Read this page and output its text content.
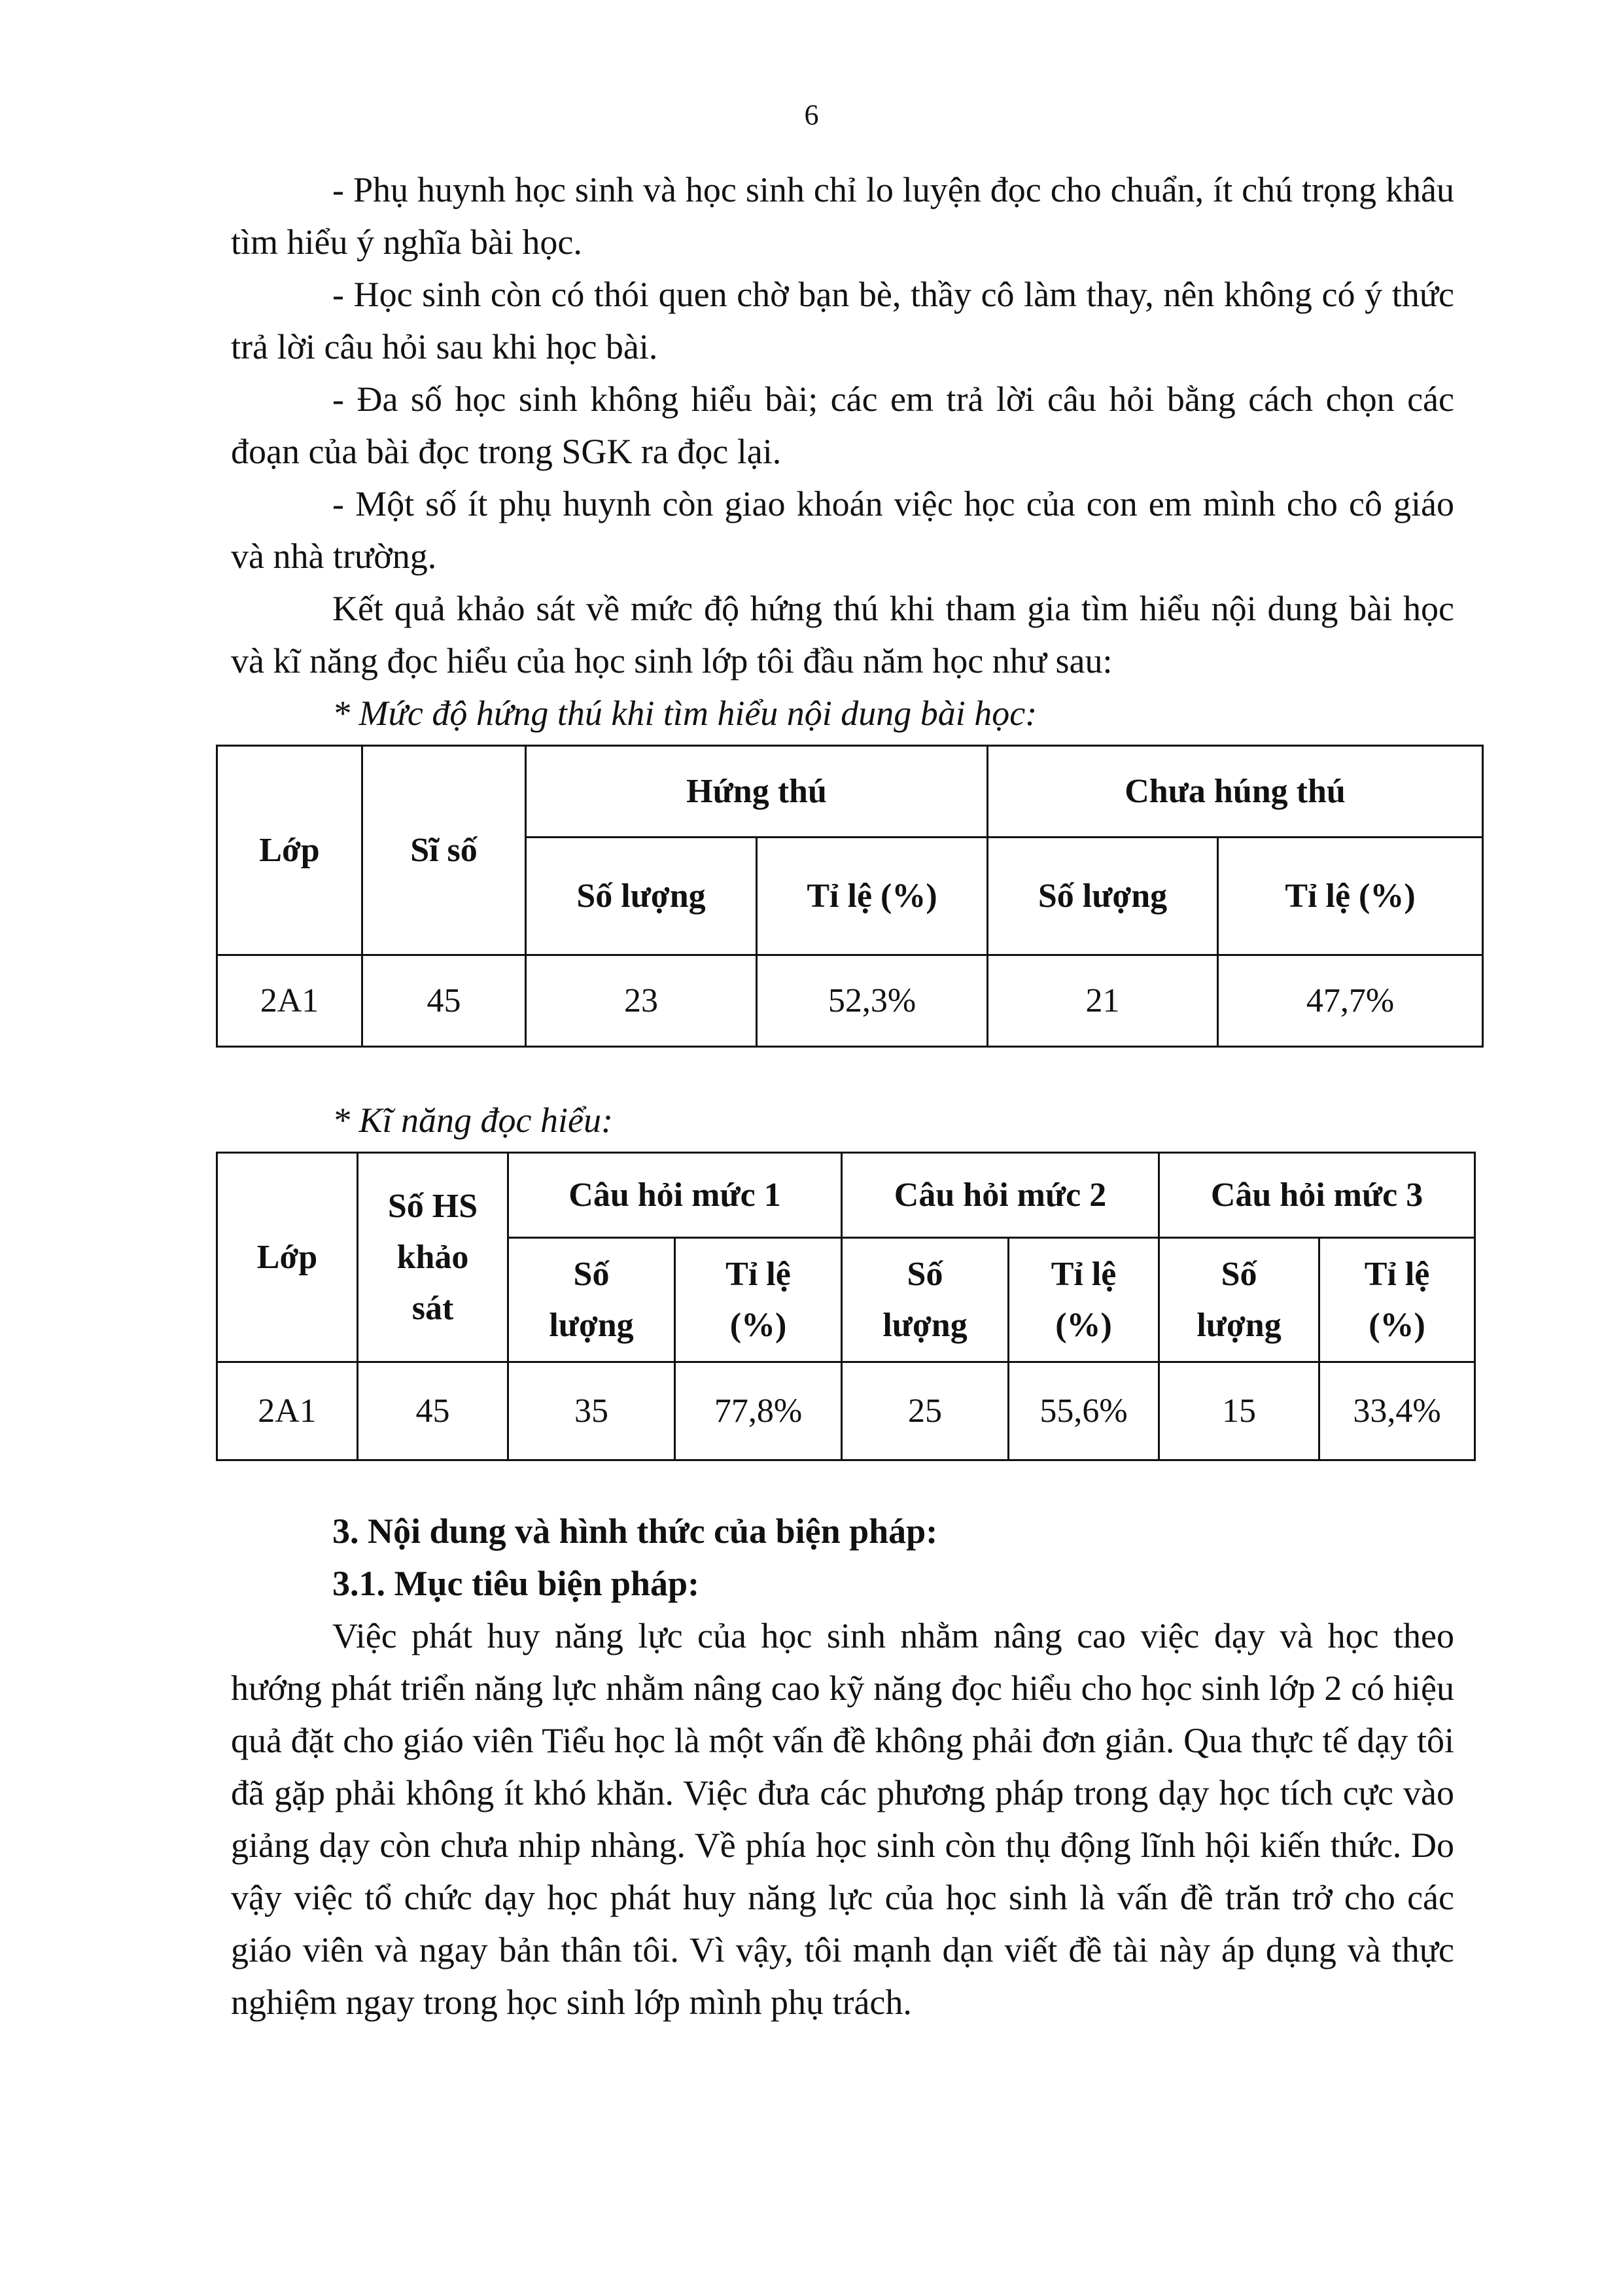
6

- Phụ huynh học sinh và học sinh chỉ lo luyện đọc cho chuẩn, ít chú trọng khâu tìm hiểu ý nghĩa bài học.

- Học sinh còn có thói quen chờ bạn bè, thầy cô làm thay, nên không có ý thức trả lời câu hỏi sau khi học bài.

- Đa số học sinh không hiểu bài; các em trả lời câu hỏi bằng cách chọn các đoạn của bài đọc trong SGK ra đọc lại.

- Một số ít phụ huynh còn giao khoán việc học của con em mình cho cô giáo và nhà trường.

Kết quả khảo sát về mức độ hứng thú khi tham gia tìm hiểu nội dung bài học và kĩ năng đọc hiểu của học sinh lớp tôi đầu năm học như sau:

* Mức độ hứng thú khi tìm hiểu nội dung bài học:

Lớp	Sĩ số	Hứng thú		Chưa húng thú	
		Số lượng	Tỉ lệ (%)	Số lượng	Tỉ lệ (%)
2A1	45	23	52,3%	21	47,7%

* Kĩ năng đọc hiểu:

Lớp	Số HS
khảo
sát	Câu hỏi mức 1		Câu hỏi mức 2		Câu hỏi mức 3	
		Số
lượng	Tỉ lệ
(%)	Số
lượng	Tỉ lệ
(%)	Số
lượng	Tỉ lệ
(%)
2A1	45	35	77,8%	25	55,6%	15	33,4%

3. Nội dung và hình thức của biện pháp:

3.1. Mục tiêu biện pháp:

Việc phát huy năng lực của học sinh nhằm nâng cao việc dạy và học theo hướng phát triển năng lực nhằm nâng cao kỹ năng đọc hiểu cho học sinh lớp 2 có hiệu quả đặt cho giáo viên Tiểu học là một vấn đề không phải đơn giản. Qua thực tế dạy tôi đã gặp phải không ít khó khăn. Việc đưa các phương pháp trong dạy học tích cực vào giảng dạy còn chưa nhip nhàng. Về phía học sinh còn thụ động lĩnh hội kiến thức. Do vậy việc tổ chức dạy học phát huy năng lực của học sinh là vấn đề trăn trở cho các giáo viên và ngay bản thân tôi. Vì vậy, tôi mạnh dạn viết đề tài này áp dụng và thực nghiệm ngay trong học sinh lớp mình phụ trách.
